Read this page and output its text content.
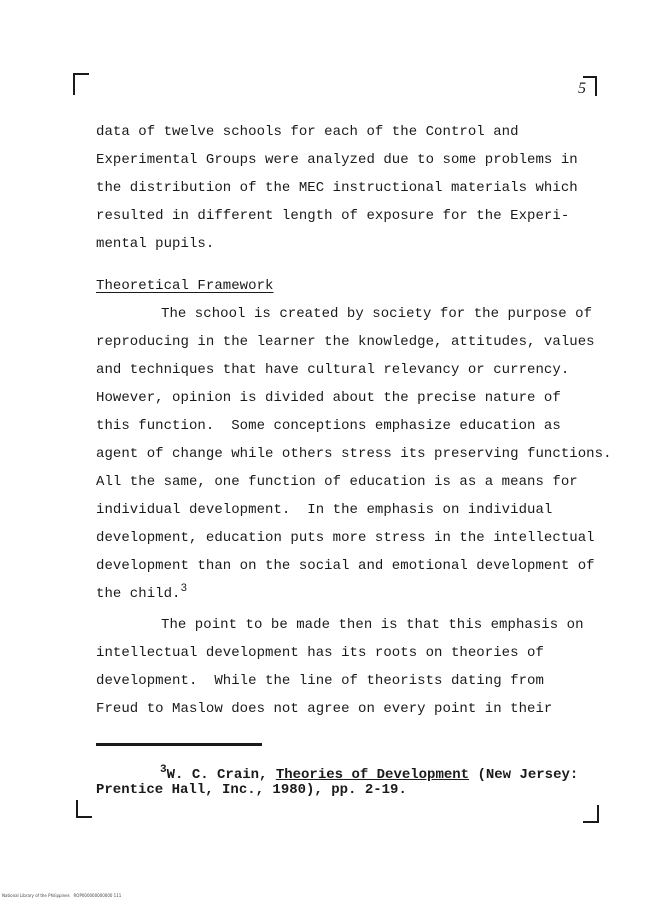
5
data of twelve schools for each of the Control and
Experimental Groups were analyzed due to some problems in
the distribution of the MEC instructional materials which
resulted in different length of exposure for the Experi-
mental pupils.
Theoretical Framework
The school is created by society for the purpose of
reproducing in the learner the knowledge, attitudes, values
and techniques that have cultural relevancy or currency.
However, opinion is divided about the precise nature of
this function.  Some conceptions emphasize education as
agent of change while others stress its preserving functions.
All the same, one function of education is as a means for
individual development.  In the emphasis on individual
development, education puts more stress in the intellectual
development than on the social and emotional development of
the child.$^3$
The point to be made then is that this emphasis on
intellectual development has its roots on theories of
development.  While the line of theorists dating from
Freud to Maslow does not agree on every point in their
$^3$W. C. Crain, Theories of Development (New Jersey:
Prentice Hall, Inc., 1980), pp. 2-19.
National Library of the Philippines   ROP000000000000 111
